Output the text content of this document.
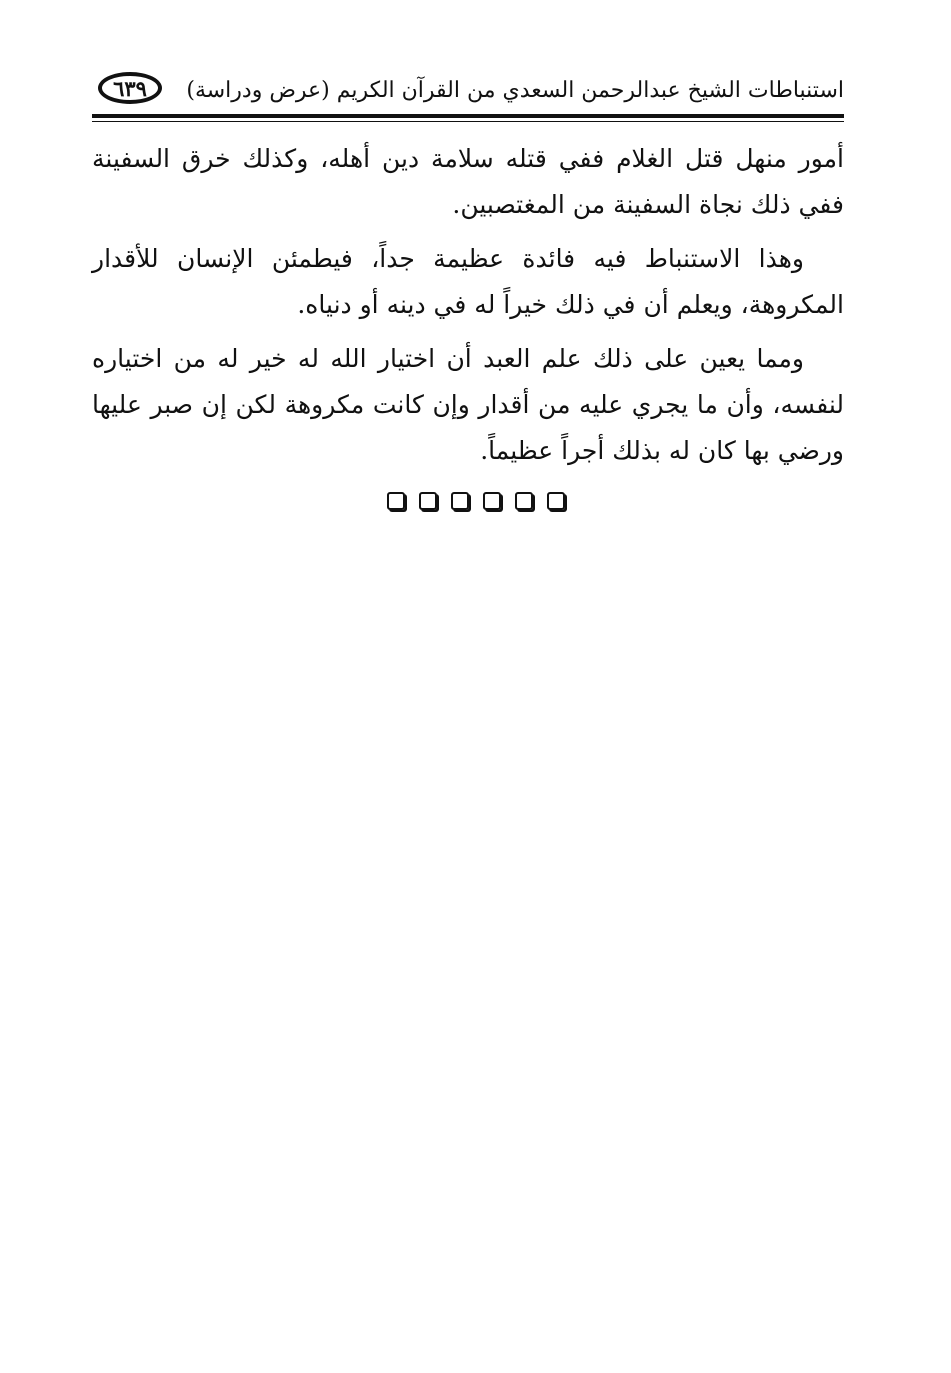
استنباطات الشيخ عبدالرحمن السعدي من القرآن الكريم (عرض ودراسة)
٦٣٩

أمور منهل قتل الغلام ففي قتله سلامة دين أهله، وكذلك خرق السفينة ففي ذلك نجاة السفينة من المغتصبين.

وهذا الاستنباط فيه فائدة عظيمة جداً، فيطمئن الإنسان للأقدار المكروهة، ويعلم أن في ذلك خيراً له في دينه أو دنياه.

ومما يعين على ذلك علم العبد أن اختيار الله له خير له من اختياره لنفسه، وأن ما يجري عليه من أقدار وإن كانت مكروهة لكن إن صبر عليها ورضي بها كان له بذلك أجراً عظيماً.
